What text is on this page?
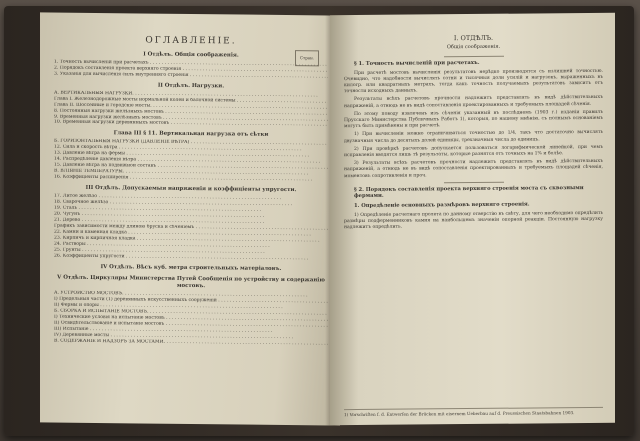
Стран.
ОГЛАВЛЕНІЕ.
I Отдѣлъ. Общія соображенія.
1. Точность вычисленій при расчетахъ . . .
2. Порядокъ составленія проекта верхняго строенія . . .
3. Указанія для вычисленія силъ внутренняго строенія . . .
II Отдѣлъ. Нагрузки.
А. ВЕРТИКАЛЬНЫЯ НАГРУЗКИ. . . .
Глава I. Железнодорожные мосты нормальной колеи и балочной системы . . .
Глава II. Шоссейные и городскіе мосты. . . .
8. Постоянныя нагрузки желѣзныхъ мостовъ . . .
9. Временныя нагрузки желѣзныхъ мостовъ . . .
10. Временныя нагрузки деревянныхъ мостовъ . . .
Глава III § 11. Вертикальная нагрузка отъ сѣтки
Б. ГОРИЗОНТАЛЬНЫЯ НАГРУЗКИ (ДАВЛЕНІЕ ВѢТРА) . . .
12. Сила и скорость вѣтра . . .
13. Давленіе вѣтра на фермы . . .
14. Распредѣленіе давленія вѣтра . . .
15. Давленіе вѣтра на подвижной составъ . . .
В. ВЛІЯНІЕ ТЕМПЕРАТУРЫ. . . .
16. Коэффиціенты расширенія . . .
III Отдѣлъ. Допускаемыя напряженія и коэффиціенты упругости.
17. Литое желѣзо . . .
18. Сварочное желѣзо . . .
19. Сталь . . .
20. Чугунъ . . .
21. Дерево . . .
Графикъ зависимости между длиною бруска и сѣченіемъ . . .
22. Камни и каменная кладка . . .
23. Кирпичъ и кирпичная кладка . . .
24. Растворы . . .
25. Грунты . . .
26. Коэффиціенты упругости . . .
IV Отдѣлъ. Вѣсъ куб. метра строительныхъ матеріаловъ.
V Отдѣлъ. Циркуляры Министерства Путей Сообщенія по устройству и содержанію мостовъ.
А. УСТРОЙСТВО МОСТОВЪ. . . .
I) Предельныя части (1) деревянныхъ искусственныхъ сооруженій . . .
II) Фермы и опоры . . .
Б. СБОРКА И ИСПЫТАНІЕ МОСТОВЪ. . . .
I) Технические условія на испытаніе мостовъ . . .
II) Освидѣтельствованіе и испытаніе мостовъ . . .
III) Испытаніе . . .
IV) Деревянные мосты . . .
В. СОДЕРЖАНІЕ И НАДЗОРЪ ЗА МОСТАМИ. . . .
I. ОТДѢЛЪ.
Общія соображенія.
§ 1. Точность вычисленій при расчетахъ.

При расчетѣ мостовъ вычисленія результатовъ нерѣдко производятся съ излишней точностью. Очевидно, что надобности вычислять сотни и тысячныя доли усилій и нагрузокъ, выраженныхъ въ килогр. или квадратныхъ метрахъ, тогда какъ точность получаемыхъ результатовъ зависитъ отъ точности исходныхъ данныхъ.

Результаты всѣхъ расчетовъ прочности надлежитъ представлять въ видѣ дѣйствительныхъ напряженій, а отнюдь не въ видѣ сопоставленія проектированныхъ и требуемыхъ площадей сѣченія.

По этому поводу извлеченъ изъ сѣченія указанный въ послѣднемъ (1903 г.) изданіи правилъ Прусскаго Министерства Публичныхъ Работъ 1), которыя, по нашему мнѣнію, съ полнымъ основаніемъ могутъ быть примѣнены и при расчетѣ.

1) При вычисленіи можно ограничиваться точностью до 1/4, такъ что достаточно вычислять двузначныя числа до десятыхъ долей единицы, трехзначныя числа до единицъ.

2) При провѣркѣ расчетовъ допускается пользоваться логарифмической линейкой, при чемъ исправленія вводятся лишь тѣ результаты, которые разнятся отъ точныхъ на 1% и болѣе.

3) Результаты всѣхъ расчетовъ прочности надлежитъ представлять въ видѣ дѣйствительныхъ напряженій, а отнюдь не въ видѣ сопоставленія проектированныхъ и требуемыхъ площадей сѣченія, моментовъ сопротивленія и проч.

§ 2. Порядокъ составленія проекта верхняго строенія моста съ сквозными фермами.
1. Опредѣленіе основныхъ размѣровъ верхняго строенія.

1) Опредѣленіе расчетнаго пролета по данному отверстію въ свѣту, для чего необходимо опредѣлить размѣры подферменниковъ камня на наибольшемъ значеніи опорной реакціи. Постоянную нагрузку надлежитъ опредѣлить.

1) Vorschriften f. d. Entwerfen der Brücken mit eisernem Ueberbau auf d. Preussischen Staatsbahnen 1903.
